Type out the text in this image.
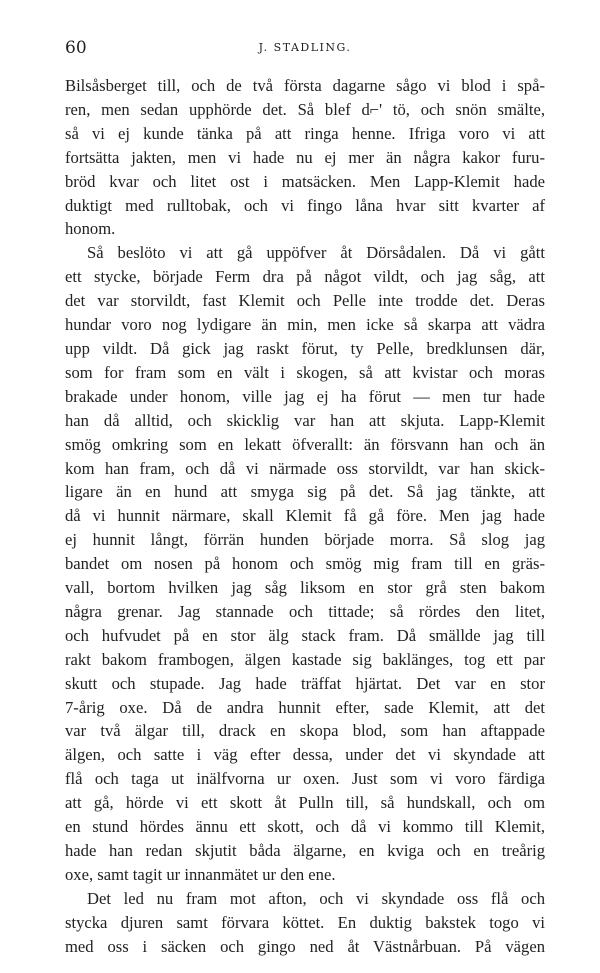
60	J. STADLING.

Bilsåsberget till, och de två första dagarne sågo vi blod i spå-

ren, men sedan upphörde det. Så blef d⌐' tö, och snön smälte,

så vi ej kunde tänka på att ringa henne. Ifriga voro vi att

fortsätta jakten, men vi hade nu ej mer än några kakor furu-

bröd kvar och litet ost i matsäcken. Men Lapp-Klemit hade

duktigt med rulltobak, och vi fingo låna hvar sitt kvarter af

honom.

Så beslöto vi att gå uppöfver åt Dörsådalen. Då vi gått

ett stycke, började Ferm dra på något vildt, och jag såg, att

det var storvildt, fast Klemit och Pelle inte trodde det. Deras

hundar voro nog lydigare än min, men icke så skarpa att vädra

upp vildt. Då gick jag raskt förut, ty Pelle, bredklunsen där,

som for fram som en vält i skogen, så att kvistar och moras

brakade under honom, ville jag ej ha förut — men tur hade

han då alltid, och skicklig var han att skjuta. Lapp-Klemit

smög omkring som en lekatt öfverallt: än försvann han och än

kom han fram, och då vi närmade oss storvildt, var han skick-

ligare än en hund att smyga sig på det. Så jag tänkte, att

då vi hunnit närmare, skall Klemit få gå före. Men jag hade

ej hunnit långt, förrän hunden började morra. Så slog jag

bandet om nosen på honom och smög mig fram till en gräs-

vall, bortom hvilken jag såg liksom en stor grå sten bakom

några grenar. Jag stannade och tittade; så rördes den litet,

och hufvudet på en stor älg stack fram. Då smällde jag till

rakt bakom frambogen, älgen kastade sig baklänges, tog ett par

skutt och stupade. Jag hade träffat hjärtat. Det var en stor

7-årig oxe. Då de andra hunnit efter, sade Klemit, att det

var två älgar till, drack en skopa blod, som han aftappade

älgen, och satte i väg efter dessa, under det vi skyndade att

flå och taga ut inälfvorna ur oxen. Just som vi voro färdiga

att gå, hörde vi ett skott åt Pulln till, så hundskall, och om

en stund hördes ännu ett skott, och då vi kommo till Klemit,

hade han redan skjutit båda älgarne, en kviga och en treårig

oxe, samt tagit ur innanmätet ur den ene.

Det led nu fram mot afton, och vi skyndade oss flå och

stycka djuren samt förvara köttet. En duktig bakstek togo vi

med oss i säcken och gingo ned åt Västnårbuan. På vägen
